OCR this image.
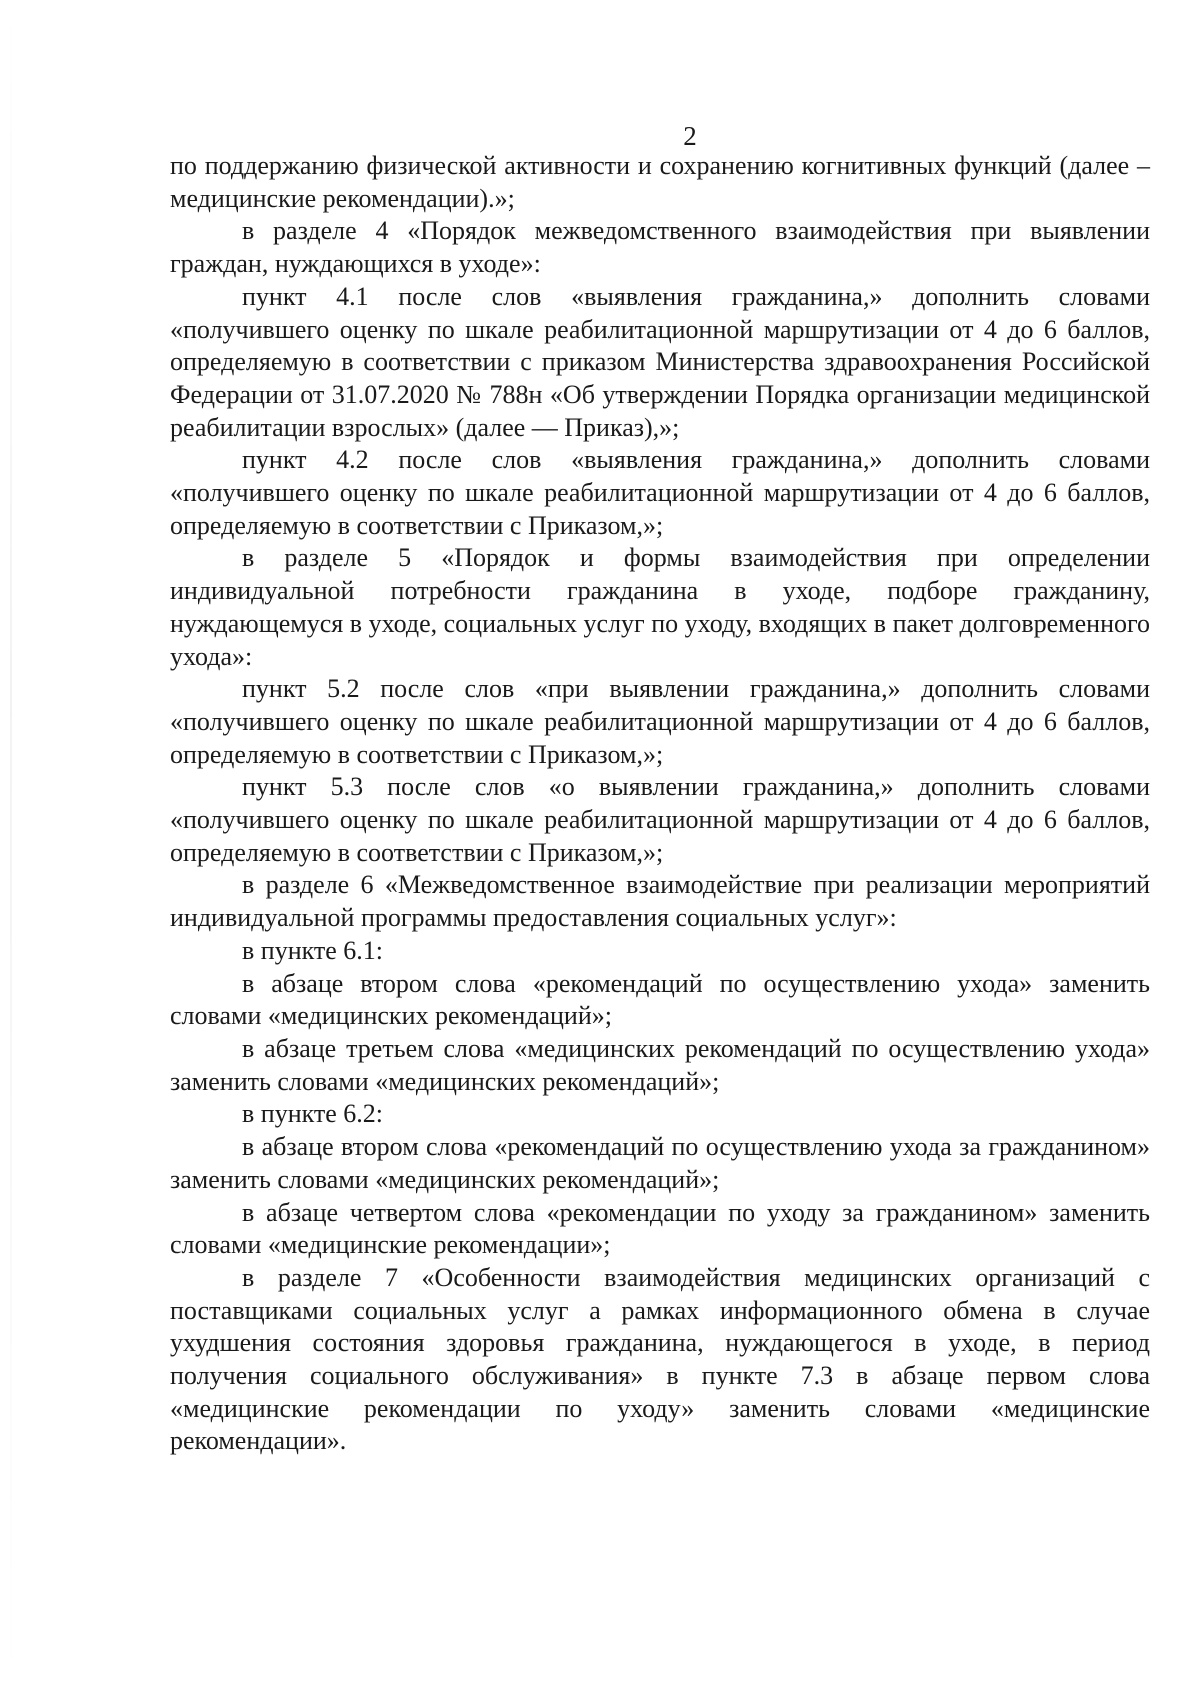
2

по поддержанию физической активности и сохранению когнитивных функций (далее – медицинские рекомендации).»;

в разделе 4 «Порядок межведомственного взаимодействия при выявлении граждан, нуждающихся в уходе»:

пункт 4.1 после слов «выявления гражданина,» дополнить словами «получившего оценку по шкале реабилитационной маршрутизации от 4 до 6 баллов, определяемую в соответствии с приказом Министерства здравоохранения Российской Федерации от 31.07.2020 № 788н «Об утверждении Порядка организации медицинской реабилитации взрослых» (далее — Приказ),»;

пункт 4.2 после слов «выявления гражданина,» дополнить словами «получившего оценку по шкале реабилитационной маршрутизации от 4 до 6 баллов, определяемую в соответствии с Приказом,»;

в разделе 5 «Порядок и формы взаимодействия при определении индивидуальной потребности гражданина в уходе, подборе гражданину, нуждающемуся в уходе, социальных услуг по уходу, входящих в пакет долговременного ухода»:

пункт 5.2 после слов «при выявлении гражданина,» дополнить словами «получившего оценку по шкале реабилитационной маршрутизации от 4 до 6 баллов, определяемую в соответствии с Приказом,»;

пункт 5.3 после слов «о выявлении гражданина,» дополнить словами «получившего оценку по шкале реабилитационной маршрутизации от 4 до 6 баллов, определяемую в соответствии с Приказом,»;

в разделе 6 «Межведомственное взаимодействие при реализации мероприятий индивидуальной программы предоставления социальных услуг»:

в пункте 6.1:

в абзаце втором слова «рекомендаций по осуществлению ухода» заменить словами «медицинских рекомендаций»;

в абзаце третьем слова «медицинских рекомендаций по осуществлению ухода» заменить словами «медицинских рекомендаций»;

в пункте 6.2:

в абзаце втором слова «рекомендаций по осуществлению ухода за гражданином» заменить словами «медицинских рекомендаций»;

в абзаце четвертом слова «рекомендации по уходу за гражданином» заменить словами «медицинские рекомендации»;

в разделе 7 «Особенности взаимодействия медицинских организаций с поставщиками социальных услуг а рамках информационного обмена в случае ухудшения состояния здоровья гражданина, нуждающегося в уходе, в период получения социального обслуживания» в пункте 7.3 в абзаце первом слова «медицинские рекомендации по уходу» заменить словами «медицинские рекомендации».
